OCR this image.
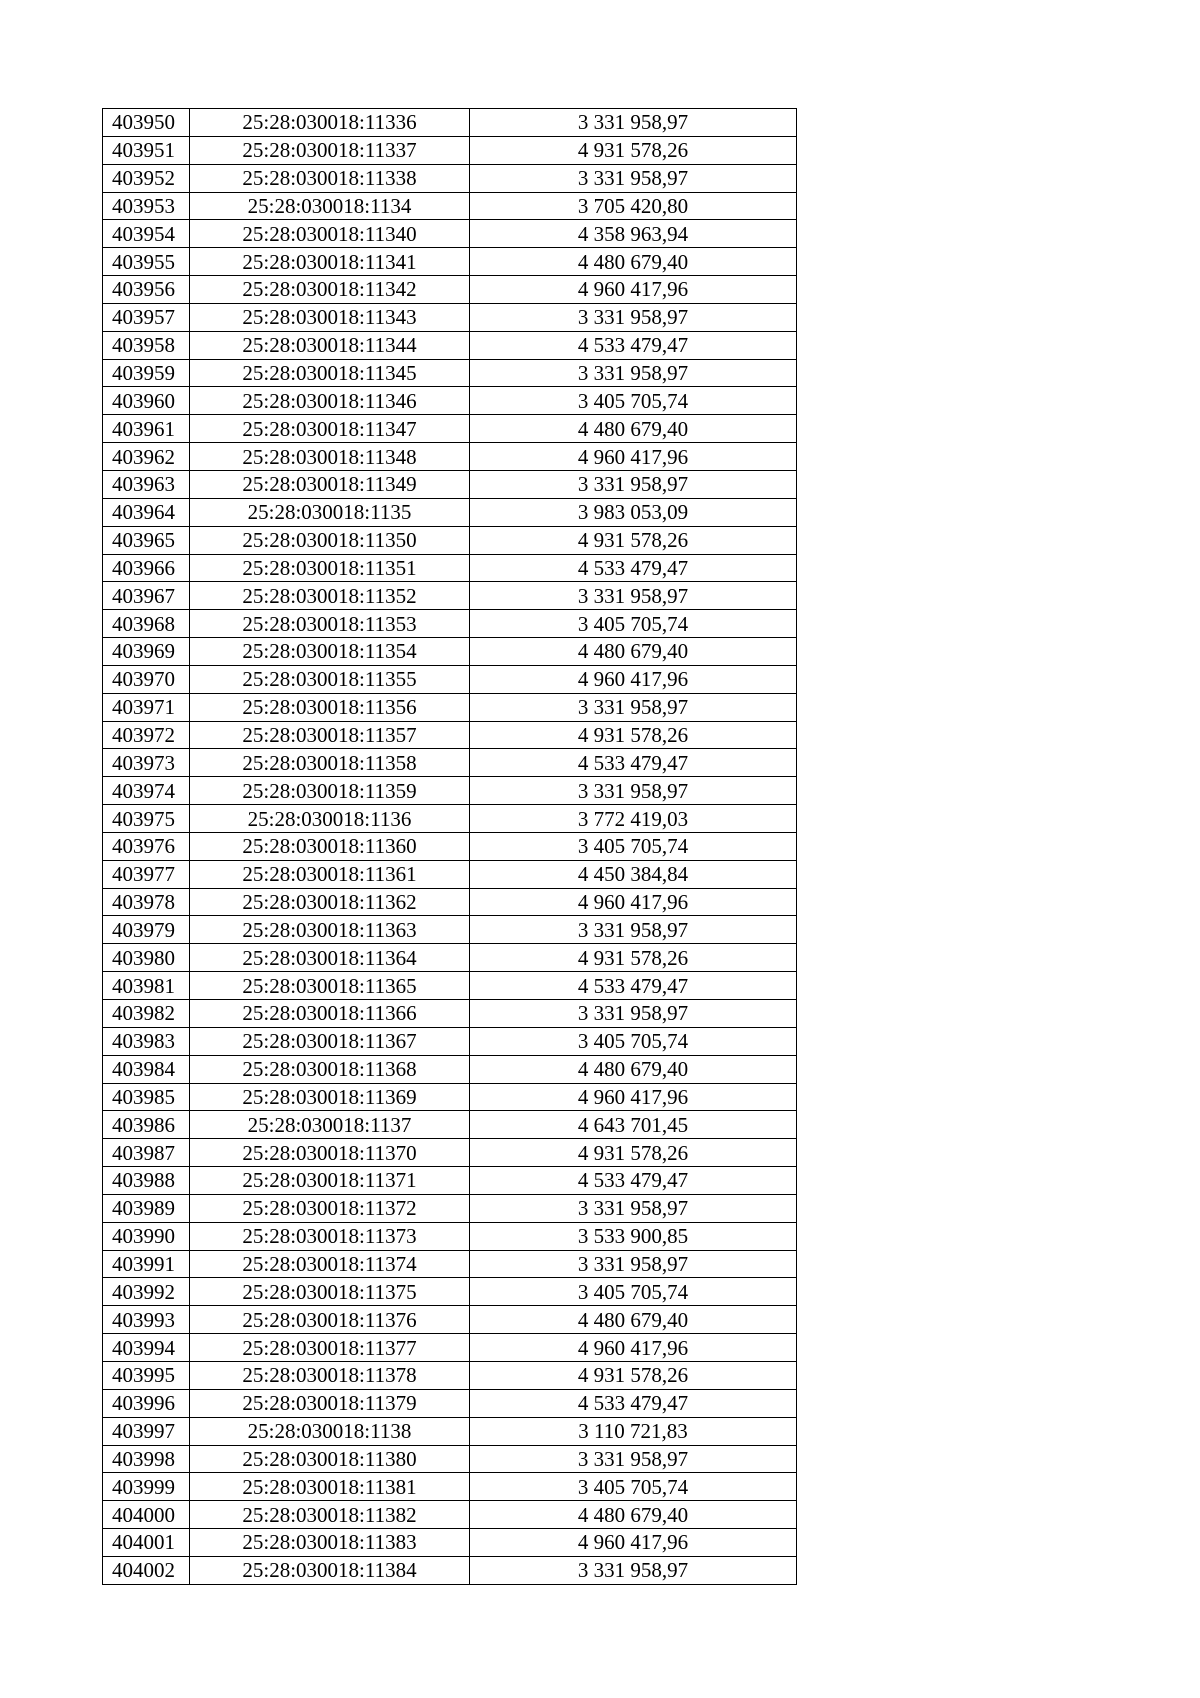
403950	25:28:030018:11336	3 331 958,97
403951	25:28:030018:11337	4 931 578,26
403952	25:28:030018:11338	3 331 958,97
403953	25:28:030018:1134	3 705 420,80
403954	25:28:030018:11340	4 358 963,94
403955	25:28:030018:11341	4 480 679,40
403956	25:28:030018:11342	4 960 417,96
403957	25:28:030018:11343	3 331 958,97
403958	25:28:030018:11344	4 533 479,47
403959	25:28:030018:11345	3 331 958,97
403960	25:28:030018:11346	3 405 705,74
403961	25:28:030018:11347	4 480 679,40
403962	25:28:030018:11348	4 960 417,96
403963	25:28:030018:11349	3 331 958,97
403964	25:28:030018:1135	3 983 053,09
403965	25:28:030018:11350	4 931 578,26
403966	25:28:030018:11351	4 533 479,47
403967	25:28:030018:11352	3 331 958,97
403968	25:28:030018:11353	3 405 705,74
403969	25:28:030018:11354	4 480 679,40
403970	25:28:030018:11355	4 960 417,96
403971	25:28:030018:11356	3 331 958,97
403972	25:28:030018:11357	4 931 578,26
403973	25:28:030018:11358	4 533 479,47
403974	25:28:030018:11359	3 331 958,97
403975	25:28:030018:1136	3 772 419,03
403976	25:28:030018:11360	3 405 705,74
403977	25:28:030018:11361	4 450 384,84
403978	25:28:030018:11362	4 960 417,96
403979	25:28:030018:11363	3 331 958,97
403980	25:28:030018:11364	4 931 578,26
403981	25:28:030018:11365	4 533 479,47
403982	25:28:030018:11366	3 331 958,97
403983	25:28:030018:11367	3 405 705,74
403984	25:28:030018:11368	4 480 679,40
403985	25:28:030018:11369	4 960 417,96
403986	25:28:030018:1137	4 643 701,45
403987	25:28:030018:11370	4 931 578,26
403988	25:28:030018:11371	4 533 479,47
403989	25:28:030018:11372	3 331 958,97
403990	25:28:030018:11373	3 533 900,85
403991	25:28:030018:11374	3 331 958,97
403992	25:28:030018:11375	3 405 705,74
403993	25:28:030018:11376	4 480 679,40
403994	25:28:030018:11377	4 960 417,96
403995	25:28:030018:11378	4 931 578,26
403996	25:28:030018:11379	4 533 479,47
403997	25:28:030018:1138	3 110 721,83
403998	25:28:030018:11380	3 331 958,97
403999	25:28:030018:11381	3 405 705,74
404000	25:28:030018:11382	4 480 679,40
404001	25:28:030018:11383	4 960 417,96
404002	25:28:030018:11384	3 331 958,97
